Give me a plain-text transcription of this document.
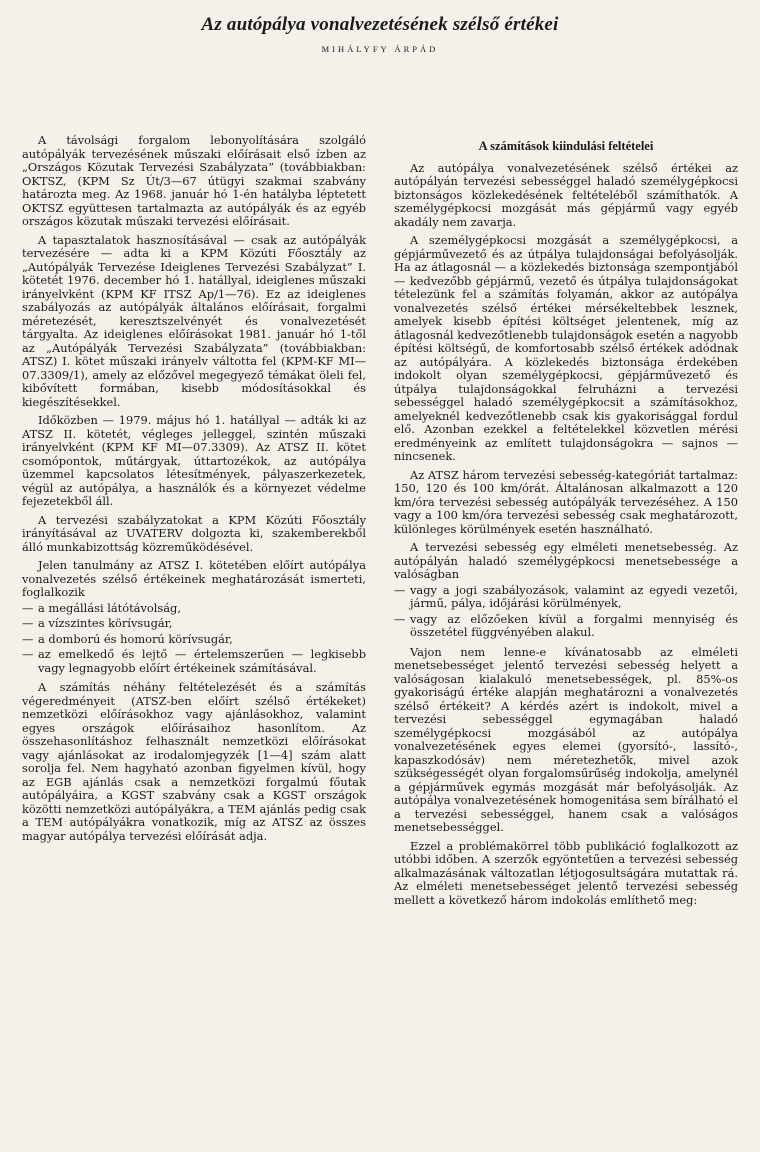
Az autópálya vonalvezetésének szélső értékei
MIHÁLYFY ÁRPÁD

A távolsági forgalom lebonyolítására szolgáló autópályák tervezésének műszaki előírásait első ízben az „Országos Közutak Tervezési Szabályzata” (továbbiakban: OKTSZ, (KPM Sz Út/3—67 útügyi szakmai szabvány határozta meg. Az 1968. január hó 1-én hatályba léptetett OKTSZ együttesen tartalmazta az autópályák és az egyéb országos közutak műszaki tervezési előírásait.

A tapasztalatok hasznosításával — csak az autópályák tervezésére — adta ki a KPM Közúti Főosztály az „Autópályák Tervezése Ideiglenes Tervezési Szabályzat” I. kötetét 1976. december hó 1. hatállyal, ideiglenes műszaki irányelvként (KPM KF ITSZ Ap/1—76). Ez az ideiglenes szabályozás az autópályák általános előírásait, forgalmi méretezését, keresztszelvényét és vonalvezetését tárgyalta. Az ideiglenes előírásokat 1981. január hó 1-től az „Autópályák Tervezési Szabályzata” (továbbiakban: ATSZ) I. kötet műszaki irányelv váltotta fel (KPM-KF MI—07.3309/1), amely az előzővel megegyező témákat öleli fel, kibővített formában, kisebb módosításokkal és kiegészítésekkel.

Időközben — 1979. május hó 1. hatállyal — adták ki az ATSZ II. kötetét, végleges jelleggel, szintén műszaki irányelvként (KPM KF MI—07.3309). Az ATSZ II. kötet csomópontok, műtárgyak, úttartozékok, az autópálya üzemmel kapcsolatos létesítmények, pályaszerkezetek, végül az autópálya, a használók és a környezet védelme fejezetekből áll.

A tervezési szabályzatokat a KPM Közúti Főosztály irányításával az UVATERV dolgozta ki, szakemberekből álló munkabizottság közreműködésével.

Jelen tanulmány az ATSZ I. kötetében előírt autópálya vonalvezetés szélső értékeinek meghatározását ismerteti, foglalkozik

— a megállási látótávolság,
— a vízszintes körívsugár,
— a domború és homorú körívsugár,
— az emelkedő és lejtő — értelemszerűen — legkisebb vagy legnagyobb előírt értékeinek számításával.

A számítás néhány feltételezését és a számítás végeredményeit (ATSZ-ben előírt szélső értékeket) nemzetközi előírásokhoz vagy ajánlásokhoz, valamint egyes országok előírásaihoz hasonlítom. Az összehasonlításhoz felhasznált nemzetközi előírásokat vagy ajánlásokat az irodalomjegyzék [1—4] szám alatt sorolja fel. Nem hagyható azonban figyelmen kívül, hogy az EGB ajánlás csak a nemzetközi forgalmú főutak autópályáira, a KGST szabvány csak a KGST országok közötti nemzetközi autópályákra, a TEM ajánlás pedig csak a TEM autópályákra vonatkozik, míg az ATSZ az összes magyar autópálya tervezési előírását adja.

A számítások kiindulási feltételei

Az autópálya vonalvezetésének szélső értékei az autópályán tervezési sebességgel haladó személygépkocsi biztonságos közlekedésének feltételéből számíthatók. A személygépkocsi mozgását más gépjármű vagy egyéb akadály nem zavarja.

A személygépkocsi mozgását a személygépkocsi, a gépjárművezető és az útpálya tulajdonságai befolyásolják. Ha az átlagosnál — a közlekedés biztonsága szempontjából — kedvezőbb gépjármű, vezető és útpálya tulajdonságokat tételezünk fel a számítás folyamán, akkor az autópálya vonalvezetés szélső értékei mérsékeltebbek lesznek, amelyek kisebb építési költséget jelentenek, míg az átlagosnál kedvezőtlenebb tulajdonságok esetén a nagyobb építési költségű, de komfortosabb szélső értékek adódnak az autópályára. A közlekedés biztonsága érdekében indokolt olyan személygépkocsi, gépjárművezető és útpálya tulajdonságokkal felruházni a tervezési sebességgel haladó személygépkocsit a számításokhoz, amelyeknél kedvezőtlenebb csak kis gyakorisággal fordul elő. Azonban ezekkel a feltételekkel közvetlen mérési eredményeink az említett tulajdonságokra — sajnos — nincsenek.

Az ATSZ három tervezési sebesség-kategóriát tartalmaz: 150, 120 és 100 km/órát. Általánosan alkalmazott a 120 km/óra tervezési sebesség autópályák tervezéséhez. A 150 vagy a 100 km/óra tervezési sebesség csak meghatározott, különleges körülmények esetén használható.

A tervezési sebesség egy elméleti menetsebesség. Az autópályán haladó személygépkocsi menetsebessége a valóságban

— vagy a jogi szabályozások, valamint az egyedi vezetői, jármű, pálya, időjárási körülmények,
— vagy az előzőeken kívül a forgalmi mennyiség és összetétel függvényében alakul.

Vajon nem lenne-e kívánatosabb az elméleti menetsebességet jelentő tervezési sebesség helyett a valóságosan kialakuló menetsebességek, pl. 85%-os gyakoriságú értéke alapján meghatározni a vonalvezetés szélső értékeit? A kérdés azért is indokolt, mivel a tervezési sebességgel egymagában haladó személygépkocsi mozgásából az autópálya vonalvezetésének egyes elemei (gyorsító-, lassító-, kapaszkodósáv) nem méretezhetők, mivel azok szükségességét olyan forgalomsűrűség indokolja, amelynél a gépjárművek egymás mozgását már befolyásolják. Az autópálya vonalvezetésének homogenitása sem bírálható el a tervezési sebességgel, hanem csak a valóságos menetsebességgel.

Ezzel a problémakörrel több publikáció foglalkozott az utóbbi időben. A szerzők egyöntetűen a tervezési sebesség alkalmazásának változatlan létjogosultságára mutattak rá. Az elméleti menetsebességet jelentő tervezési sebesség mellett a következő három indokolás említhető meg:
